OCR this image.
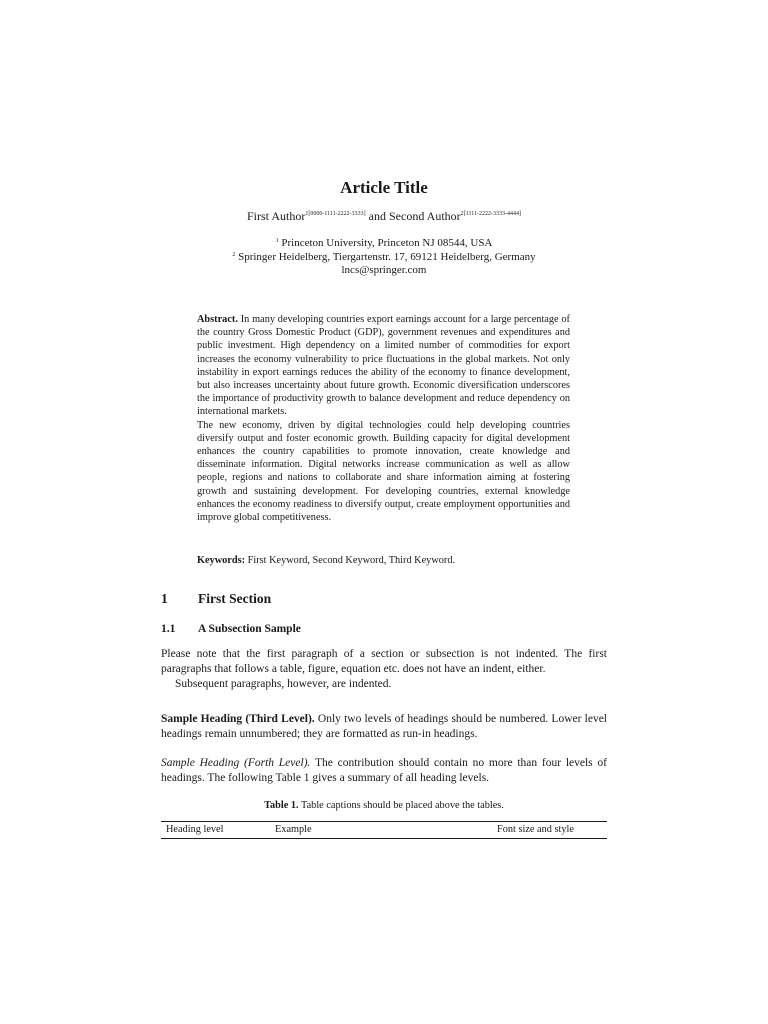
Article Title
First Author$^{1[0000-1111-2222-3333]}$ and Second Author$^{2[1111-2222-3333-4444]}$
$^1$ Princeton University, Princeton NJ 08544, USA
$^2$ Springer Heidelberg, Tiergartenstr. 17, 69121 Heidelberg, Germany
lncs@springer.com

Abstract. In many developing countries export earnings account for a large percentage of the country Gross Domestic Product (GDP), government revenues and expenditures and public investment. High dependency on a limited number of commodities for export increases the economy vulnerability to price fluctuations in the global markets. Not only instability in export earnings reduces the ability of the economy to finance development, but also increases uncertainty about future growth. Economic diversification underscores the importance of productivity growth to balance development and reduce dependency on international markets.

The new economy, driven by digital technologies could help developing countries diversify output and foster economic growth. Building capacity for digital development enhances the country capabilities to promote innovation, create knowledge and disseminate information. Digital networks increase communication as well as allow people, regions and nations to collaborate and share information aiming at fostering growth and sustaining development. For developing countries, external knowledge enhances the economy readiness to diversify output, create employment opportunities and improve global competitiveness.

Keywords: First Keyword, Second Keyword, Third Keyword.
1 First Section
1.1 A Subsection Sample

Please note that the first paragraph of a section or subsection is not indented. The first paragraphs that follows a table, figure, equation etc. does not have an indent, either.

Subsequent paragraphs, however, are indented.

Sample Heading (Third Level). Only two levels of headings should be numbered. Lower level headings remain unnumbered; they are formatted as run-in headings.

Sample Heading (Forth Level). The contribution should contain no more than four levels of headings. The following Table 1 gives a summary of all heading levels.

Table 1. Table captions should be placed above the tables.
Heading level	Example	Font size and style
